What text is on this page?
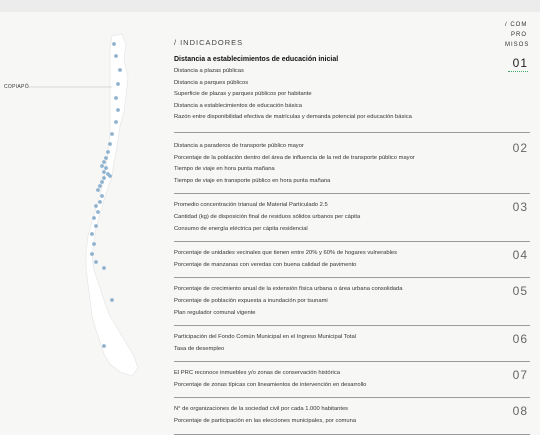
COPIAPÓ
/ INDICADORES
/ COM
PRO
MISOS
Distancia a establecimientos de educación inicial
Distancia a plazas públicas
Distancia a parques públicos
Superficie de plazas y parques públicos por habitante
Distancia a establecimientos de educación básica
Razón entre disponibilidad efectiva de matrículas y demanda potencial por educación básica
01
Distancia a paraderos de transporte público mayor
Porcentaje de la población dentro del área de influencia de la red de transporte público mayor
Tiempo de viaje en hora punta mañana
Tiempo de viaje en transporte público en hora punta mañana
02
Promedio concentración trianual de Material Particulado 2.5
Cantidad (kg) de disposición final de residuos sólidos urbanos per cápita
Consumo de energía eléctrica per cápita residencial
03
Porcentaje de unidades vecinales que tienen entre 20% y 60% de hogares vulnerables
Porcentaje de manzanas con veredas con buena calidad de pavimento
04
Porcentaje de crecimiento anual de la extensión física urbana o área urbana consolidada
Porcentaje de población expuesta a inundación por tsunami
Plan regulador comunal vigente
05
Participación del Fondo Común Municipal en el Ingreso Municipal Total
Tasa de desempleo
06
El PRC reconoce inmuebles y/o zonas de conservación histórica
Porcentaje de zonas típicas con lineamientos de intervención en desarrollo
07
N° de organizaciones de la sociedad civil por cada 1.000 habitantes
Porcentaje de participación en las elecciones municipales, por comuna
08
